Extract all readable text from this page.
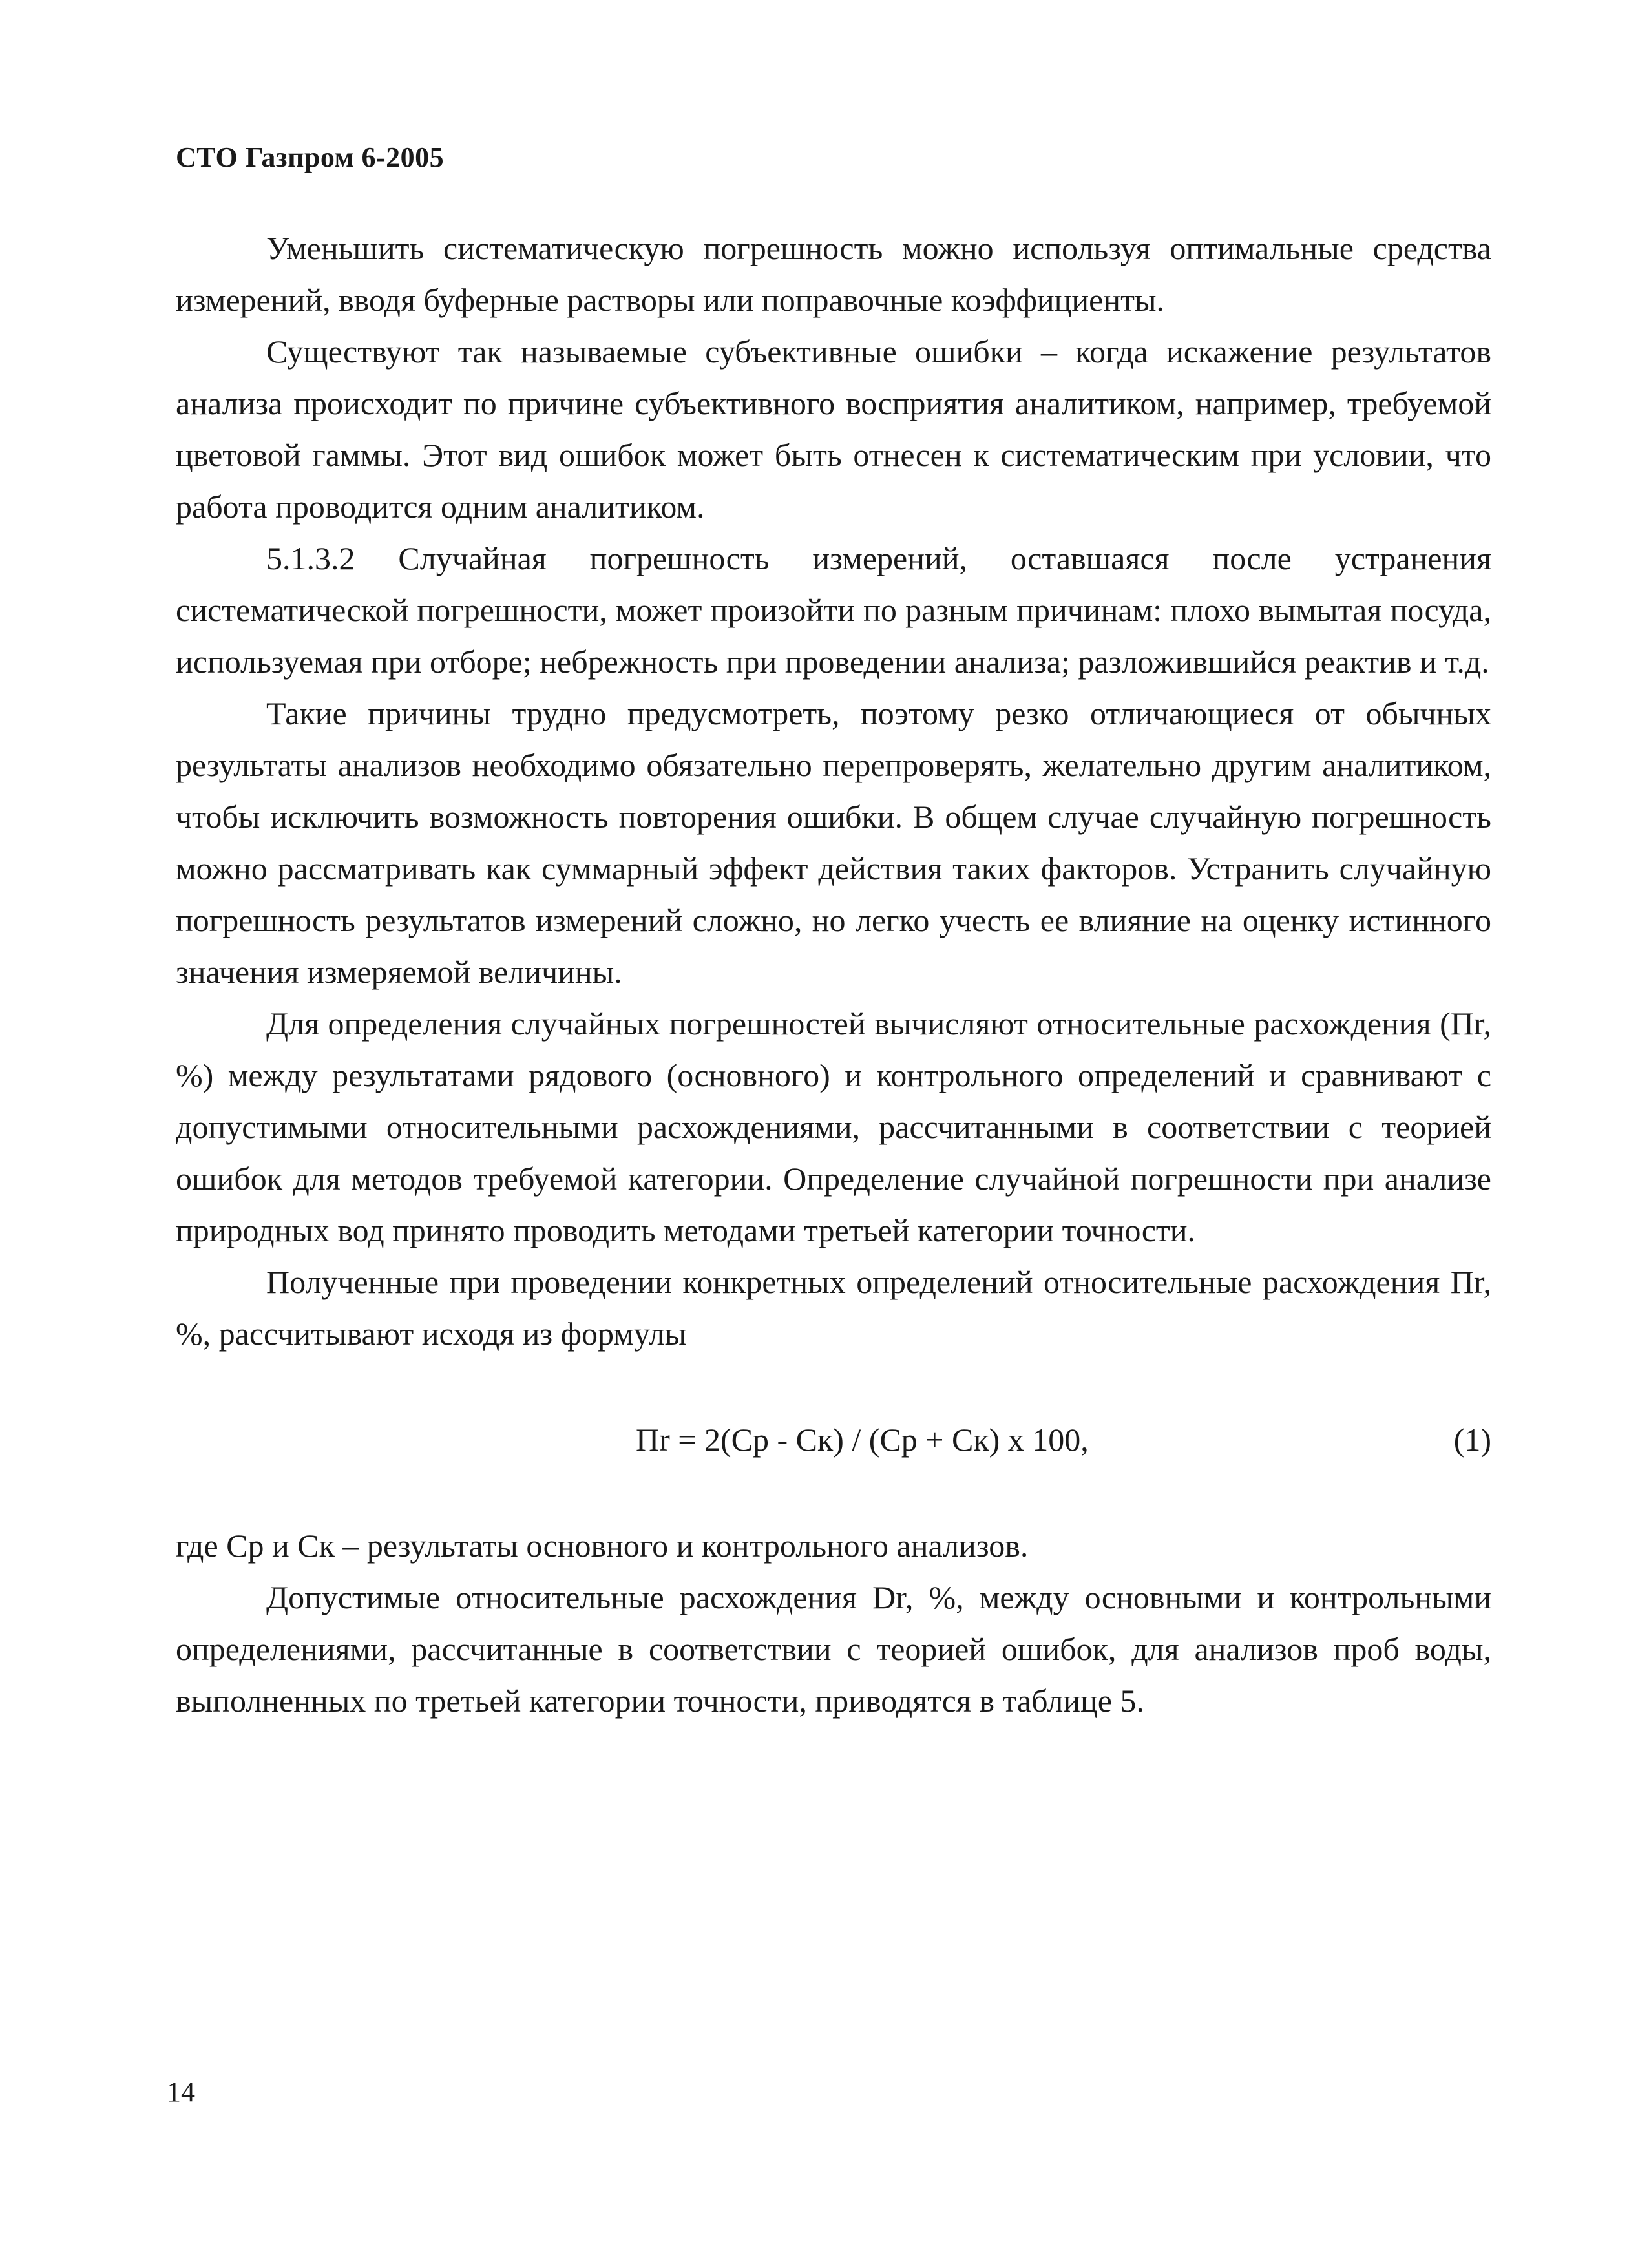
СТО Газпром 6-2005

Уменьшить систематическую погрешность можно используя оптимальные средства измерений, вводя буферные растворы или поправочные коэффициенты.

Существуют так называемые субъективные ошибки – когда искажение результатов анализа происходит по причине субъективного восприятия аналитиком, например, требуемой цветовой гаммы. Этот вид ошибок может быть отнесен к систематическим при условии, что работа проводится одним аналитиком.

5.1.3.2 Случайная погрешность измерений, оставшаяся после устранения систематической погрешности, может произойти по разным причинам: плохо вымытая посуда, используемая при отборе; небрежность при проведении анализа; разложившийся реактив и т.д.

Такие причины трудно предусмотреть, поэтому резко отличающиеся от обычных результаты анализов необходимо обязательно перепроверять, желательно другим аналитиком, чтобы исключить возможность повторения ошибки. В общем случае случайную погрешность можно рассматривать как суммарный эффект действия таких факторов. Устранить случайную погрешность результатов измерений сложно, но легко учесть ее влияние на оценку истинного значения измеряемой величины.

Для определения случайных погрешностей вычисляют относительные расхождения (Пr, %) между результатами рядового (основного) и контрольного определений и сравнивают с допустимыми относительными расхождениями, рассчитанными в соответствии с теорией ошибок для методов требуемой категории. Определение случайной погрешности при анализе природных вод принято проводить методами третьей категории точности.

Полученные при проведении конкретных определений относительные расхождения Пr, %, рассчитывают исходя из формулы

Пr = 2(Ср - Ск) / (Ср + Ск) х 100,	(1)

где Ср и Ск – результаты основного и контрольного анализов.

Допустимые относительные расхождения Dr, %, между основными и контрольными определениями, рассчитанные в соответствии с теорией ошибок, для анализов проб воды, выполненных по третьей категории точности, приводятся в таблице 5.

14
